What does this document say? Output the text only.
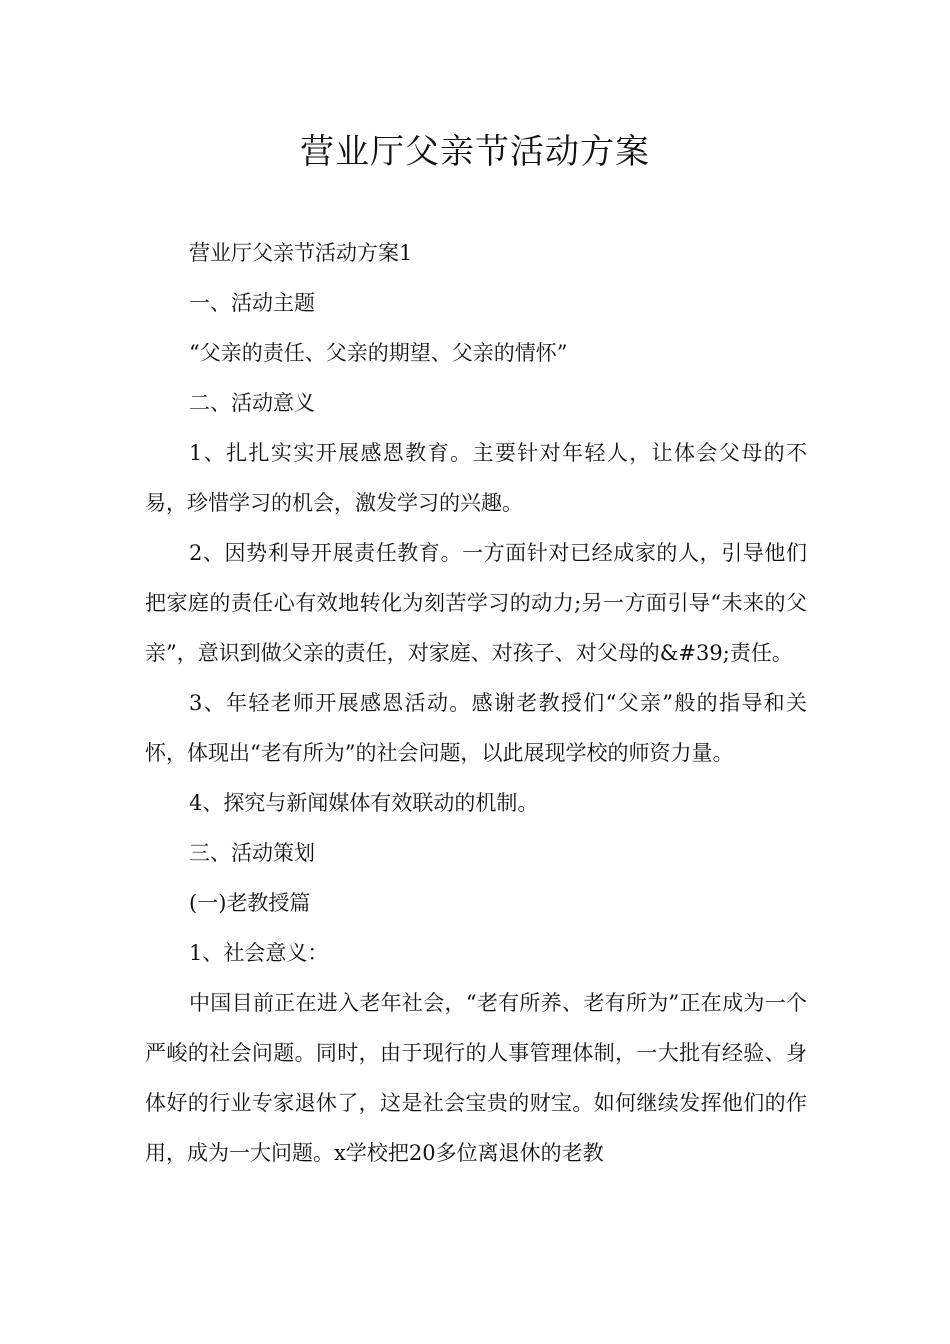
营业厅父亲节活动方案

营业厅父亲节活动方案1

一、活动主题

“父亲的责任、父亲的期望、父亲的情怀”

二、活动意义

1、扎扎实实开展感恩教育。主要针对年轻人，让体会父母的不易，珍惜学习的机会，激发学习的兴趣。

2、因势利导开展责任教育。一方面针对已经成家的人，引导他们把家庭的责任心有效地转化为刻苦学习的动力;另一方面引导“未来的父亲”，意识到做父亲的责任，对家庭、对孩子、对父母的&#39;责任。

3、年轻老师开展感恩活动。感谢老教授们“父亲”般的指导和关怀，体现出“老有所为”的社会问题，以此展现学校的师资力量。

4、探究与新闻媒体有效联动的机制。

三、活动策划

(一)老教授篇

1、社会意义：

中国目前正在进入老年社会，“老有所养、老有所为”正在成为一个严峻的社会问题。同时，由于现行的人事管理体制，一大批有经验、身体好的行业专家退休了，这是社会宝贵的财宝。如何继续发挥他们的作用，成为一大问题。x学校把20多位离退休的老教
